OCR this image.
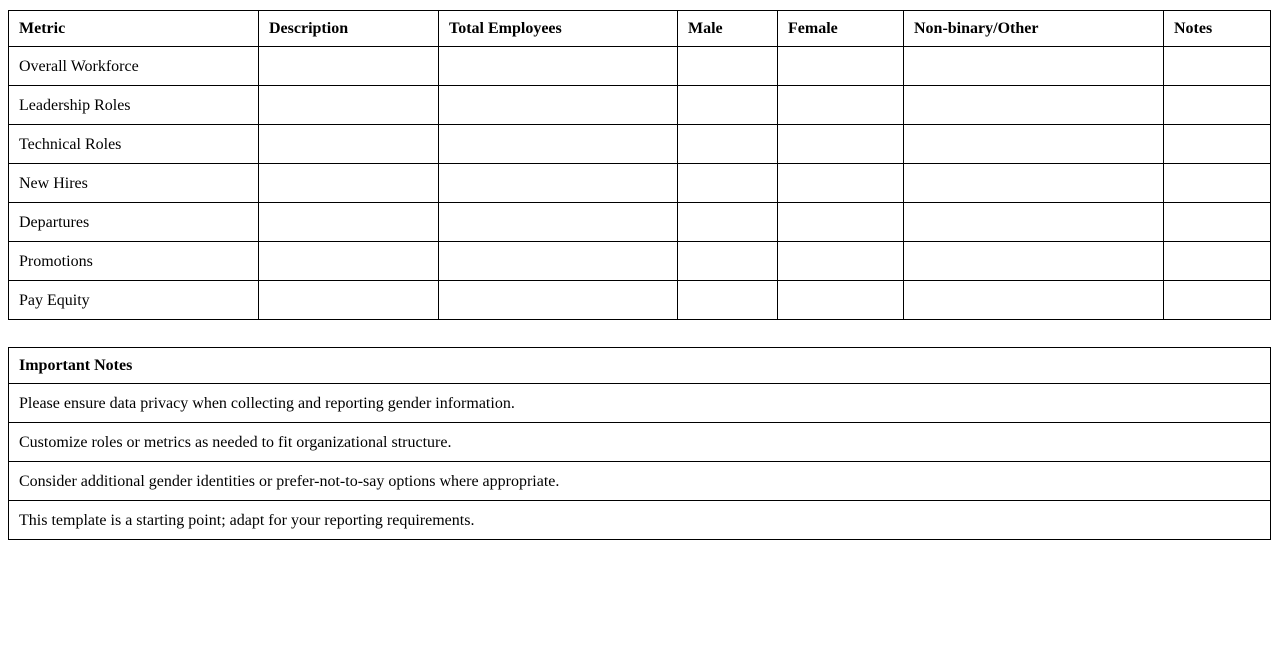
Metric	Description	Total Employees	Male	Female	Non-binary/Other	Notes
Overall Workforce						
Leadership Roles						
Technical Roles						
New Hires						
Departures						
Promotions						
Pay Equity						
Important Notes
Please ensure data privacy when collecting and reporting gender information.
Customize roles or metrics as needed to fit organizational structure.
Consider additional gender identities or prefer-not-to-say options where appropriate.
This template is a starting point; adapt for your reporting requirements.
